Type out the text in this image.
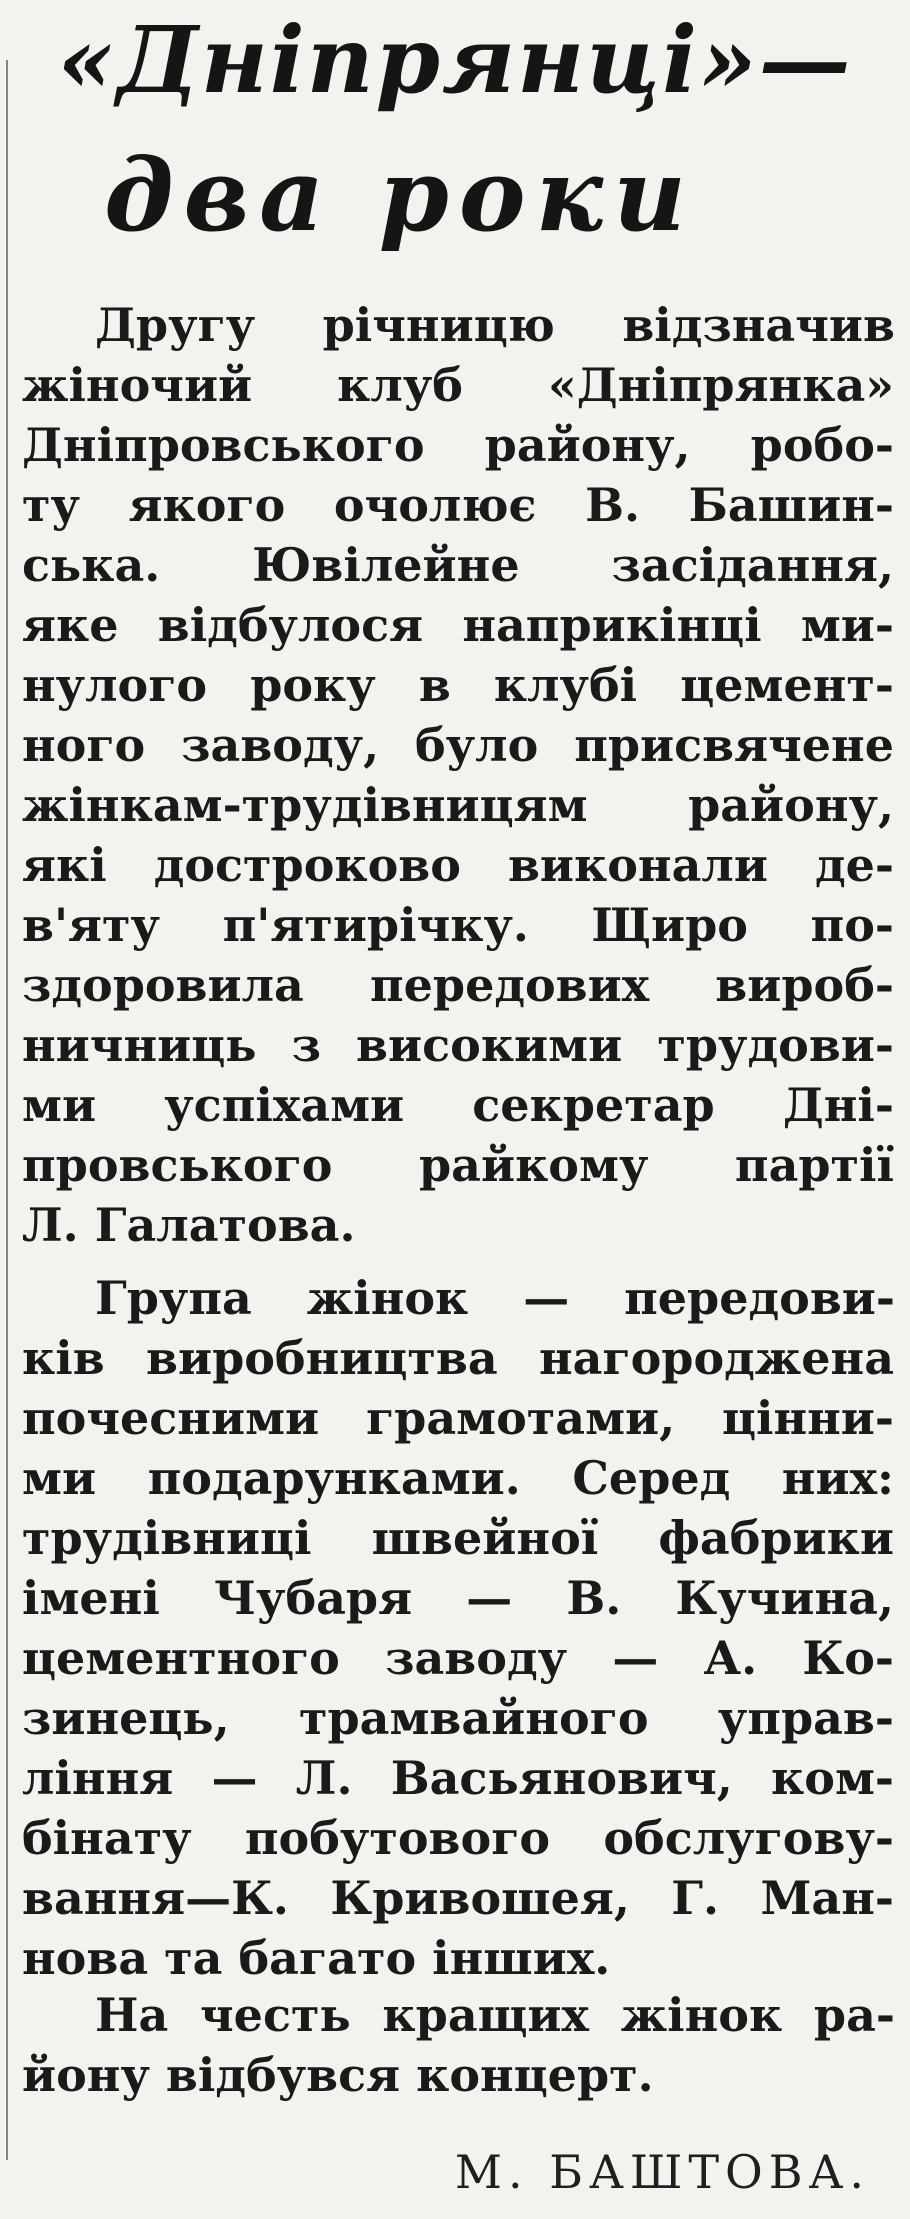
«Дніпрянці»—
два роки
Другу річницю відзначив
жіночий клуб «Дніпрянка»
Дніпровського району, робо-
ту якого очолює В. Башин-
ська. Ювілейне засідання,
яке відбулося наприкінці ми-
нулого року в клубі цемент-
ного заводу, було присвячене
жінкам-трудівницям району,
які достроково виконали де-
в'яту п'ятирічку. Щиро по-
здоровила передових вироб-
ничниць з високими трудови-
ми успіхами секретар Дні-
провського райкому партії
Л. Галатова.
Група жінок — передови-
ків виробництва нагороджена
почесними грамотами, цінни-
ми подарунками. Серед них:
трудівниці швейної фабрики
імені Чубаря — В. Кучина,
цементного заводу — А. Ко-
зинець, трамвайного управ-
ління — Л. Васьянович, ком-
бінату побутового обслугову-
вання—К. Кривошея, Г. Ман-
нова та багато інших.
На честь кращих жінок ра-
йону відбувся концерт.
М. БАШТОВА.
